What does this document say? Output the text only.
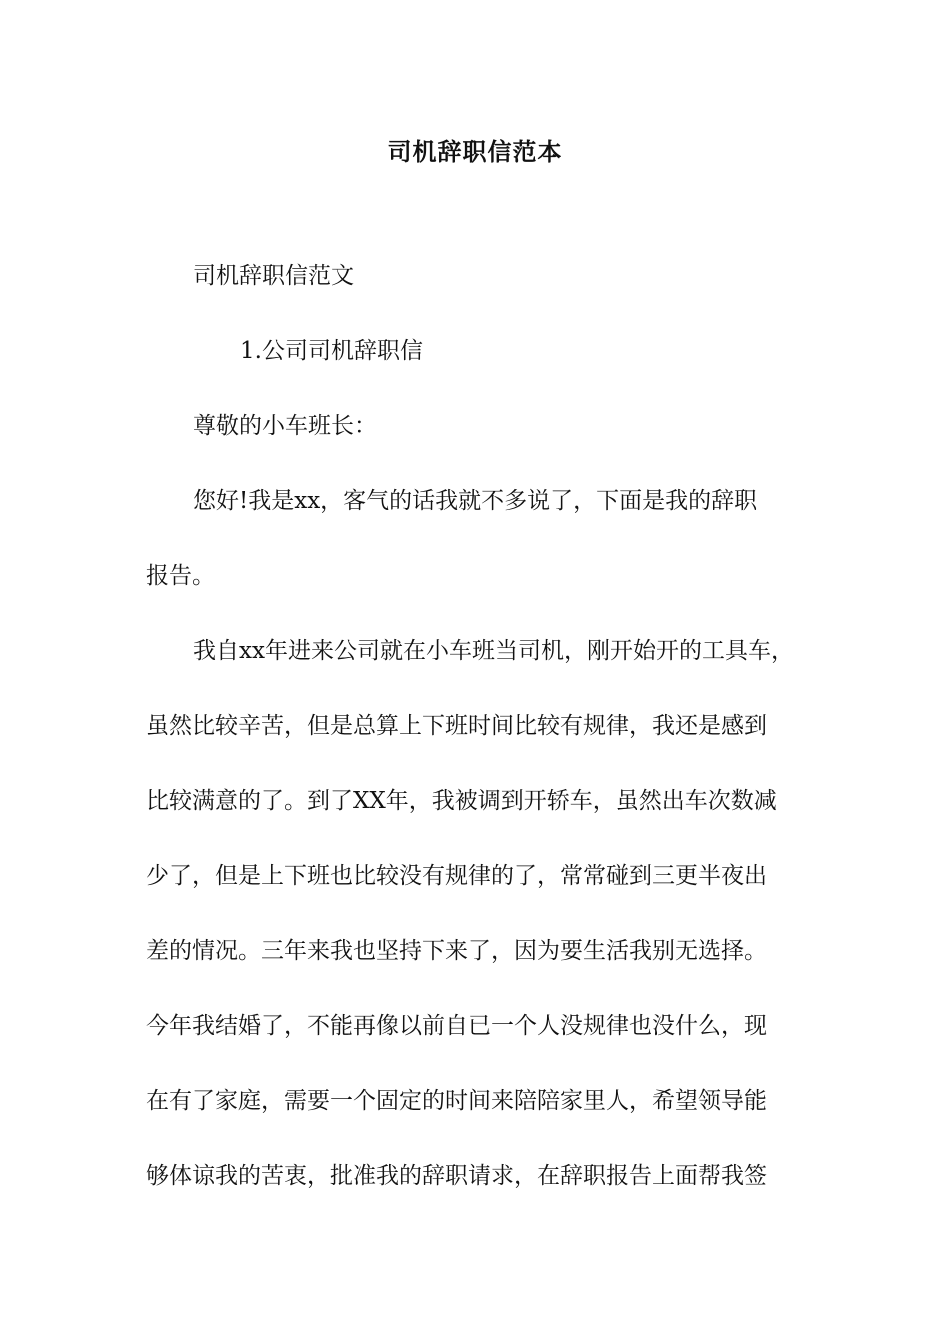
司机辞职信范本

司机辞职信范文

1.公司司机辞职信

尊敬的小车班长：

您好!我是xx，客气的话我就不多说了，下面是我的辞职

报告。

我自xx年进来公司就在小车班当司机，刚开始开的工具车，

虽然比较辛苦，但是总算上下班时间比较有规律，我还是感到

比较满意的了。到了XX年，我被调到开轿车，虽然出车次数减

少了，但是上下班也比较没有规律的了，常常碰到三更半夜出

差的情况。三年来我也坚持下来了，因为要生活我别无选择。

今年我结婚了，不能再像以前自已一个人没规律也没什么，现

在有了家庭，需要一个固定的时间来陪陪家里人，希望领导能

够体谅我的苦衷，批准我的辞职请求，在辞职报告上面帮我签
